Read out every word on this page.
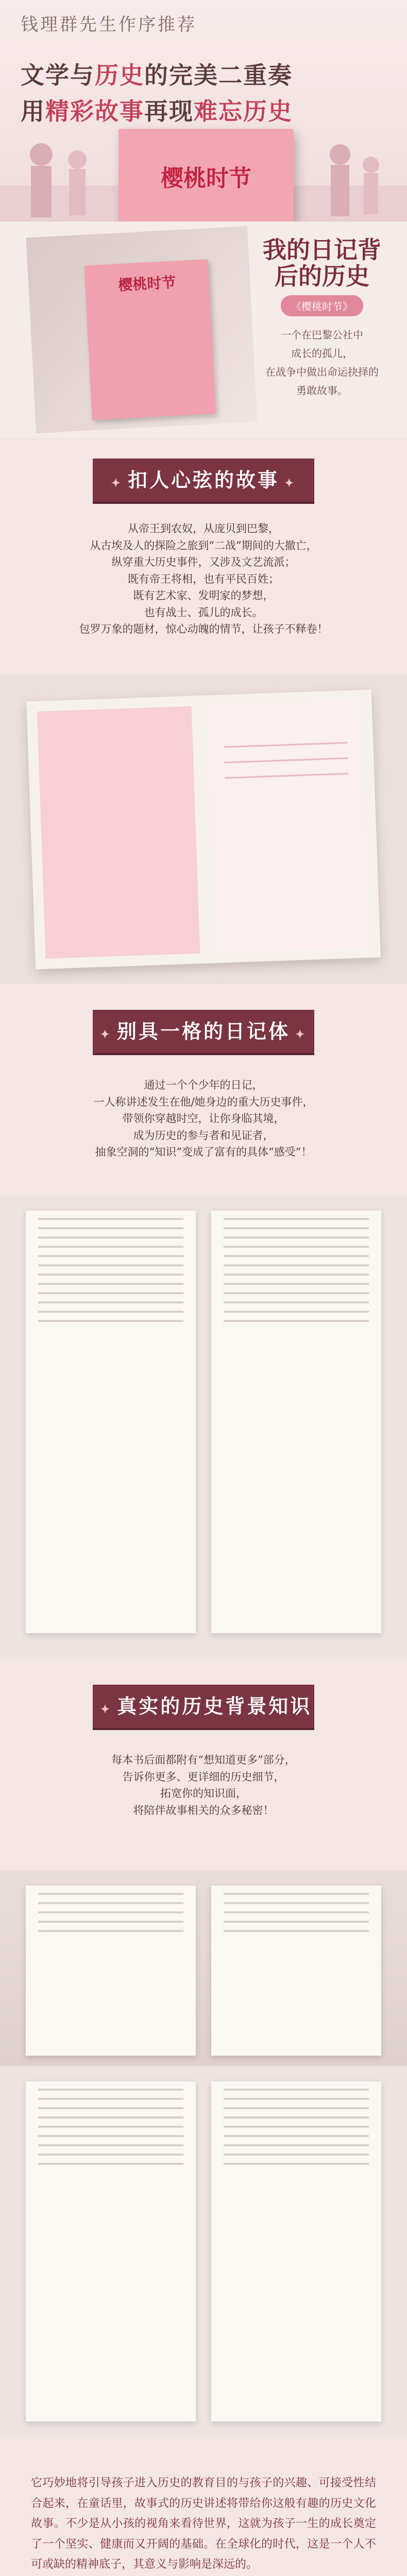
钱理群先生作序推荐
文学与历史的完美二重奏
用精彩故事再现难忘历史
樱桃时节
樱桃时节
我的日记背后的历史
《樱桃时节》
一个在巴黎公社中
成长的孤儿，
在战争中做出命运抉择的
勇敢故事。
✦ 扣人心弦的故事 ✦
从帝王到农奴，从庞贝到巴黎，
从古埃及人的探险之旅到“二战”期间的大撤亡，
纵穿重大历史事件，又涉及文艺流派；
既有帝王将相，也有平民百姓；
既有艺术家、发明家的梦想，
也有战士、孤儿的成长。
包罗万象的题材，惊心动魄的情节，让孩子不释卷！
✦ 别具一格的日记体 ✦
通过一个个少年的日记，
一人称讲述发生在他/她身边的重大历史事件，
带领你穿越时空，让你身临其境，
成为历史的参与者和见证者，
抽象空洞的“知识”变成了富有的具体“感受”！
✦ 真实的历史背景知识
每本书后面都附有“想知道更多”部分，
告诉你更多、更详细的历史细节，
拓宽你的知识面，
将陪伴故事相关的众多秘密！
它巧妙地将引导孩子进入历史的教育目的与孩子的兴趣、可接受性结合起来，在童话里，故事式的历史讲述将带给你这般有趣的历史文化故事。不少是从小孩的视角来看待世界，这就为孩子一生的成长奠定了一个坚实、健康而又开阔的基础。在全球化的时代，这是一个人不可或缺的精神底子，其意义与影响是深远的。
